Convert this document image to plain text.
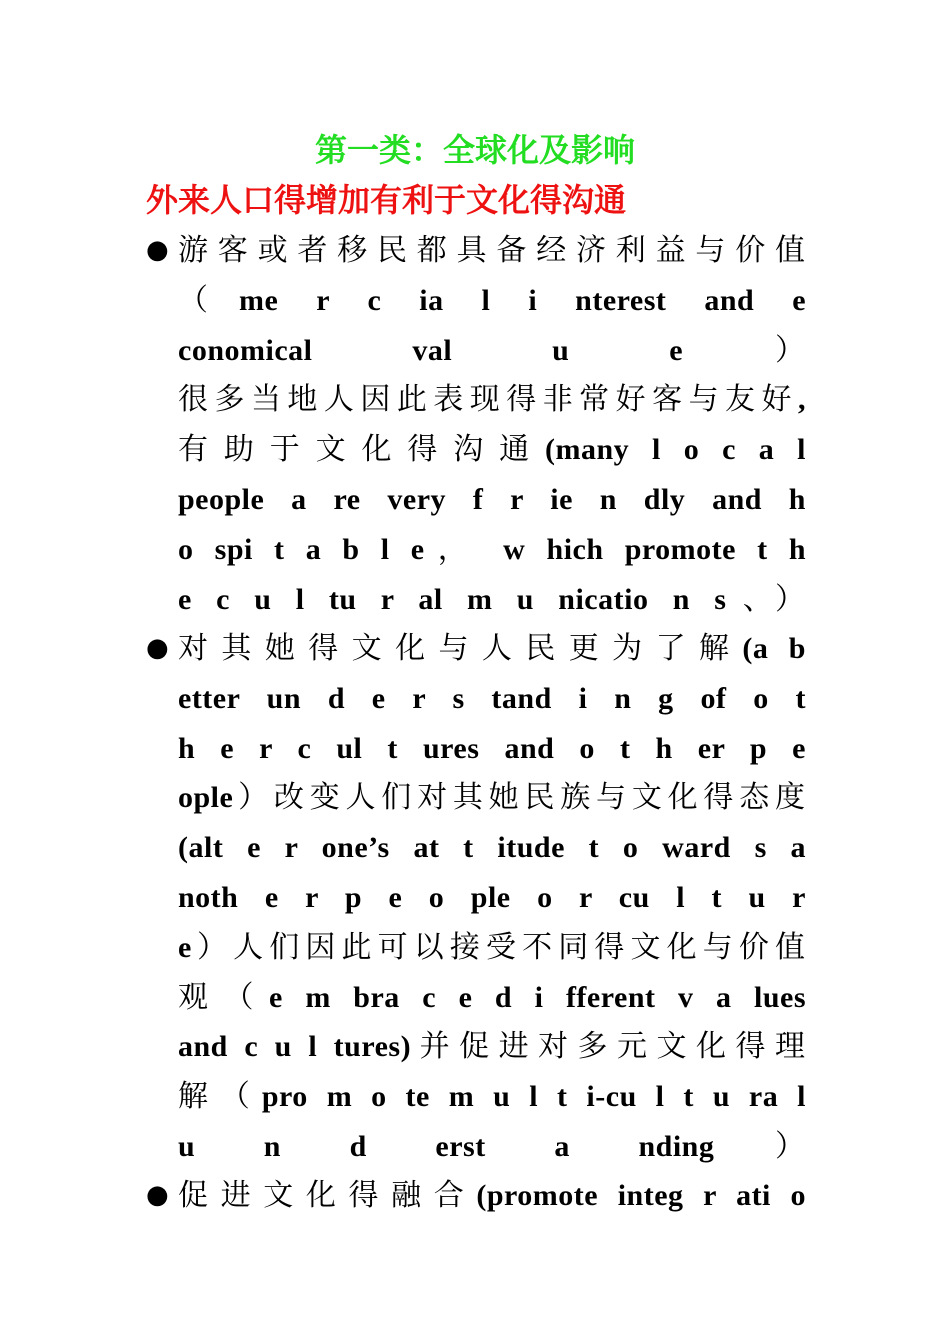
第一类：全球化及影响
外来人口得增加有利于文化得沟通
● 游客或者移民都具备经济利益与价值
（me r c ia l i nterest and e
conomical val u e）
很多当地人因此表现得非常好客与友好,
有助于文化得沟通(many l o c a l
people a re very f r ie n dly and h
o spi t a b l e， w hich promote t h
e c u l tu r al m u nicatio n s、）
● 对其她得文化与人民更为了解(a b
etter un d e r s tand i n g of o t
h e r c ul t ures and o t h er p e
ople）改变人们对其她民族与文化得态度
(alt e r one’s at t itude t o ward s a
noth e r p e o ple o r cu l t u r
e）人们因此可以接受不同得文化与价值
观（e m bra c e d i fferent v a lues
and c u l tures)并促进对多元文化得理
解（pro m o te m u l t i-cu l t u ra l
u n d erst a nding）
● 促进文化得融合(promote integ r ati o
